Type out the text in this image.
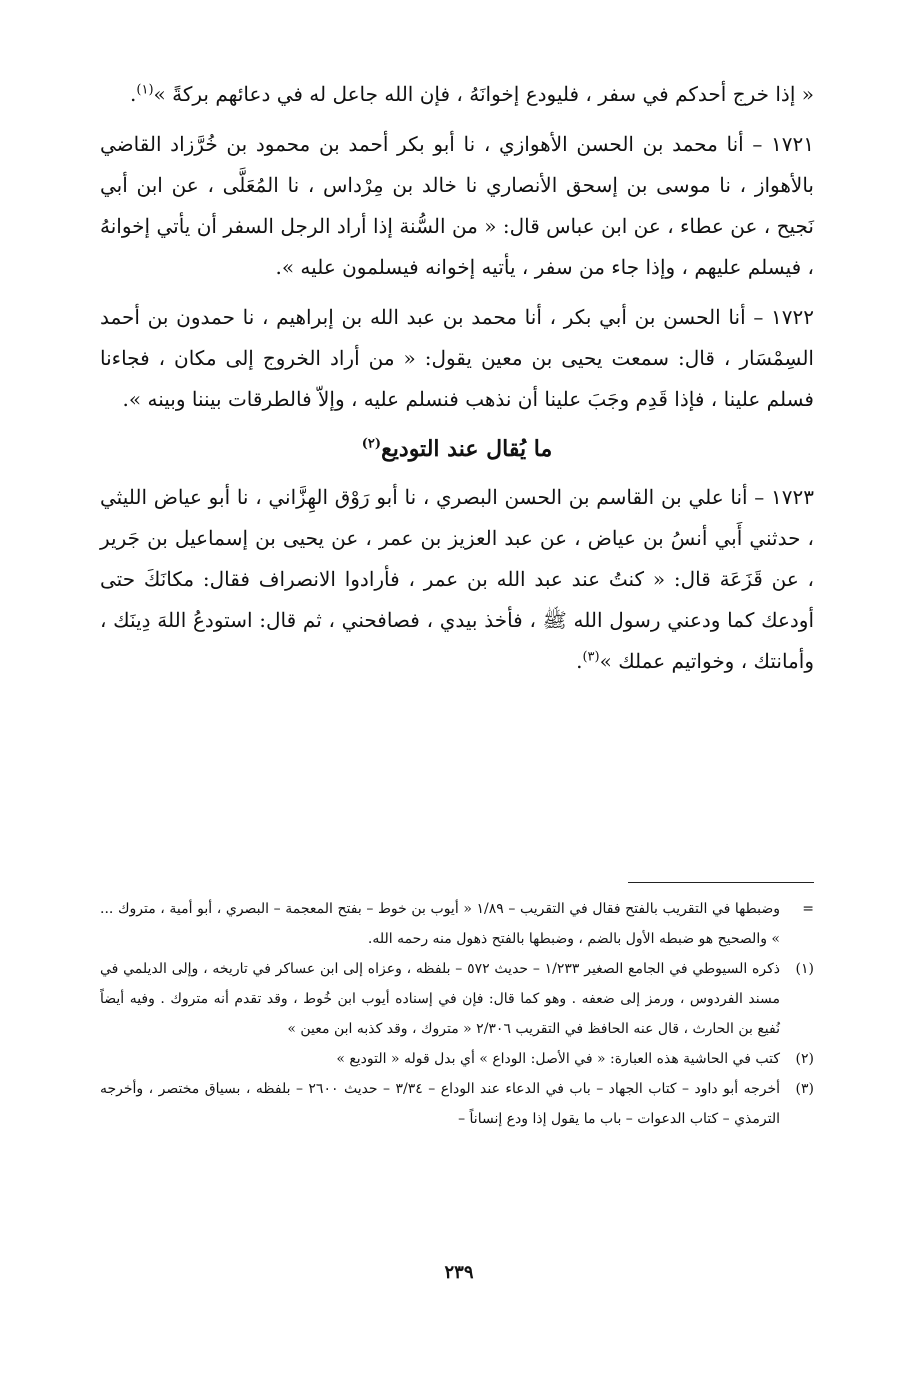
« إذا خرج أحدكم في سفر ، فليودع إخوانَهُ ، فإن الله جاعل له في دعائهم بركةً »$^{(١)}$.

١٧٢١ – أنا محمد بن الحسن الأهوازي ، نا أبو بكر أحمد بن محمود بن خُرَّزاد القاضي بالأهواز ، نا موسى بن إسحق الأنصاري نا خالد بن مِرْداس ، نا المُعَلَّى ، عن ابن أبي نَجيح ، عن عطاء ، عن ابن عباس قال: « من السُّنة إذا أراد الرجل السفر أن يأتي إخوانهُ ، فيسلم عليهم ، وإذا جاء من سفر ، يأتيه إخوانه فيسلمون عليه ».

١٧٢٢ – أنا الحسن بن أبي بكر ، أنا محمد بن عبد الله بن إبراهيم ، نا حمدون بن أحمد السِمْسَار ، قال: سمعت يحيى بن معين يقول: « من أراد الخروج إلى مكان ، فجاءنا فسلم علينا ، فإذا قَدِم وجَبَ علينا أن نذهب فنسلم عليه ، وإلاّ فالطرقات بيننا وبينه ».

ما يُقال عند التوديع$^{(٢)}$

١٧٢٣ – أنا علي بن القاسم بن الحسن البصري ، نا أبو رَوْق الهِزَّاني ، نا أبو عياض الليثي ، حدثني أَبي أنسُ بن عياض ، عن عبد العزيز بن عمر ، عن يحيى بن إسماعيل بن جَرير ، عن قَزَعَة قال: « كنتُ عند عبد الله بن عمر ، فأرادوا الانصراف فقال: مكانَكَ حتى أودعك كما ودعني رسول الله ﷺ ، فأخذ بيدي ، فصافحني ، ثم قال: استودعُ اللهَ دِينَك ، وأمانتك ، وخواتيم عملك »$^{(٣)}$.

=
وضبطها في التقريب بالفتح فقال في التقريب – ١/٨٩ « أيوب بن خوط – بفتح المعجمة – البصري ، أبو أمية ، متروك ... » والصحيح هو ضبطه الأول بالضم ، وضبطها بالفتح ذهول منه رحمه الله.
(١)
ذكره السيوطي في الجامع الصغير ١/٢٣٣ – حديث ٥٧٢ – بلفظه ، وعزاه إلى ابن عساكر في تاريخه ، وإلى الديلمي في مسند الفردوس ، ورمز إلى ضعفه . وهو كما قال: فإن في إسناده أيوب ابن خُوط ، وقد تقدم أنه متروك . وفيه أيضاً نُفيع بن الحارث ، قال عنه الحافظ في التقريب ٢/٣٠٦ « متروك ، وقد كذبه ابن معين »
(٢)
كتب في الحاشية هذه العبارة: « في الأصل: الوداع » أي بدل قوله « التوديع »
(٣)
أخرجه أبو داود – كتاب الجهاد – باب في الدعاء عند الوداع – ٣/٣٤ – حديث ٢٦٠٠ – بلفظه ، بسياق مختصر ، وأخرجه الترمذي – كتاب الدعوات – باب ما يقول إذا ودع إنساناً –
٢٣٩
